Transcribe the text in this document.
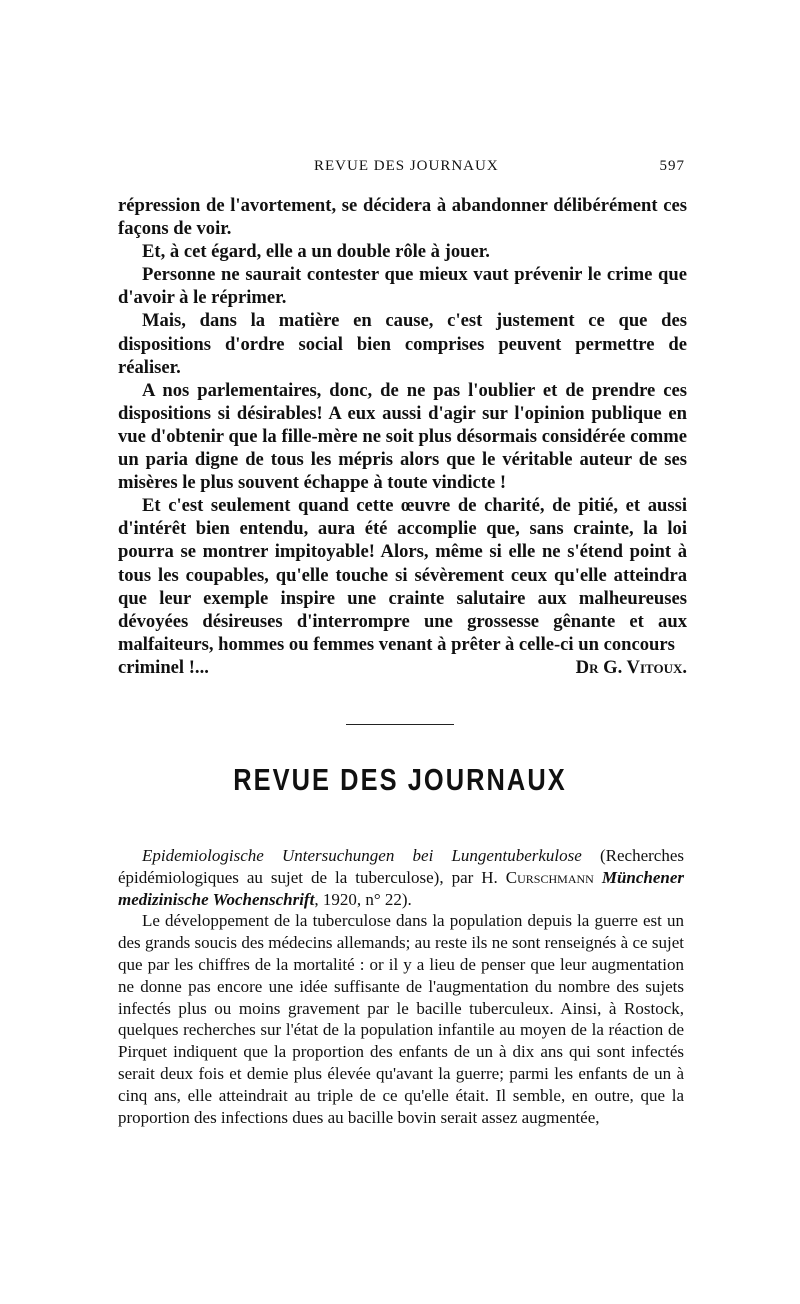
REVUE DES JOURNAUX	597

répression de l'avortement, se décidera à abandonner délibérément ces façons de voir.

Et, à cet égard, elle a un double rôle à jouer.

Personne ne saurait contester que mieux vaut prévenir le crime que d'avoir à le réprimer.

Mais, dans la matière en cause, c'est justement ce que des dispositions d'ordre social bien comprises peuvent permettre de réaliser.

A nos parlementaires, donc, de ne pas l'oublier et de prendre ces dispositions si désirables! A eux aussi d'agir sur l'opinion publique en vue d'obtenir que la fille-mère ne soit plus désormais considérée comme un paria digne de tous les mépris alors que le véritable auteur de ses misères le plus souvent échappe à toute vindicte !

Et c'est seulement quand cette œuvre de charité, de pitié, et aussi d'intérêt bien entendu, aura été accomplie que, sans crainte, la loi pourra se montrer impitoyable! Alors, même si elle ne s'étend point à tous les coupables, qu'elle touche si sévèrement ceux qu'elle atteindra que leur exemple inspire une crainte salutaire aux malheureuses dévoyées désireuses d'interrompre une grossesse gênante et aux malfaiteurs, hommes ou femmes venant à prêter à celle-ci un concours

criminel !...	Dr G. Vitoux.
REVUE DES JOURNAUX

Epidemiologische Untersuchungen bei Lungentuberkulose (Recherches épidémiologiques au sujet de la tuberculose), par H. Curschmann Münchener medizinische Wochenschrift, 1920, n° 22).

Le développement de la tuberculose dans la population depuis la guerre est un des grands soucis des médecins allemands; au reste ils ne sont renseignés à ce sujet que par les chiffres de la mortalité : or il y a lieu de penser que leur augmentation ne donne pas encore une idée suffisante de l'augmentation du nombre des sujets infectés plus ou moins gravement par le bacille tuberculeux. Ainsi, à Rostock, quelques recherches sur l'état de la population infantile au moyen de la réaction de Pirquet indiquent que la proportion des enfants de un à dix ans qui sont infectés serait deux fois et demie plus élevée qu'avant la guerre; parmi les enfants de un à cinq ans, elle atteindrait au triple de ce qu'elle était. Il semble, en outre, que la proportion des infections dues au bacille bovin serait assez augmentée,
